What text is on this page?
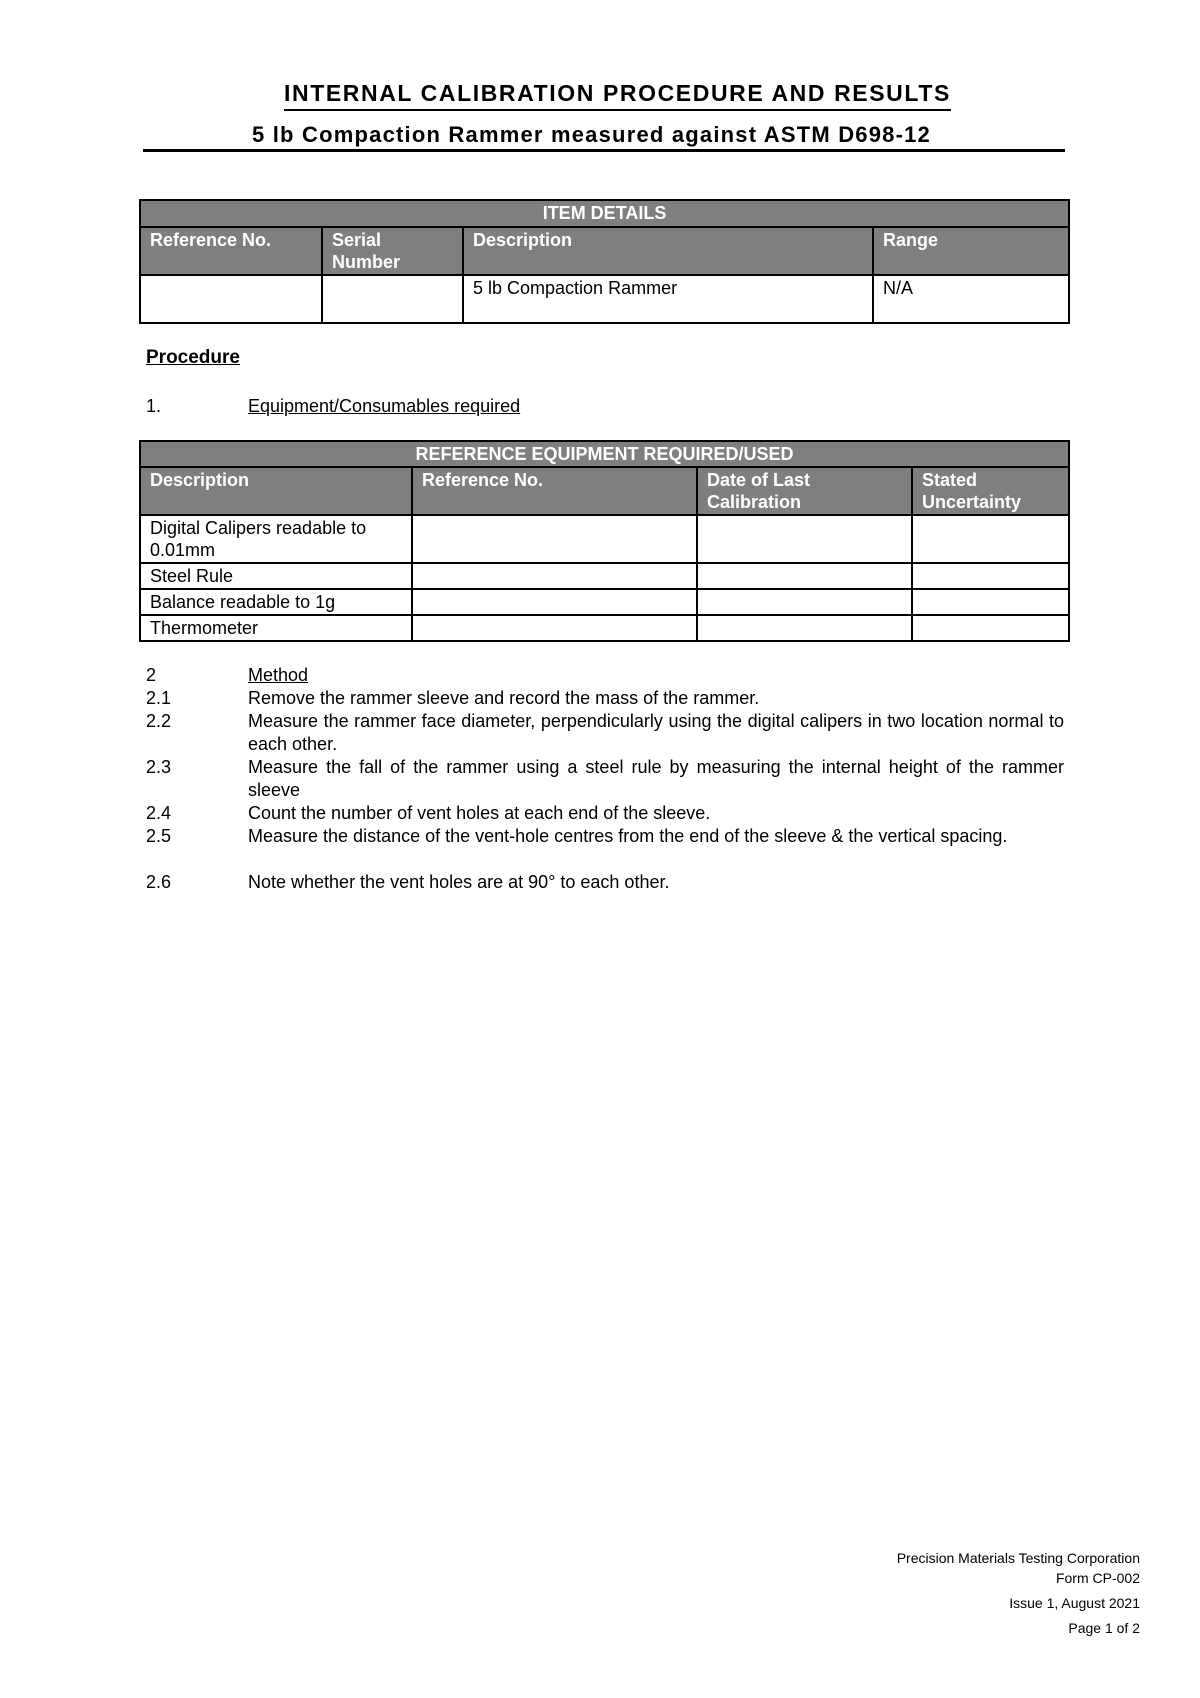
INTERNAL CALIBRATION PROCEDURE AND RESULTS
5 lb Compaction Rammer measured against ASTM D698-12
ITEM DETAILS			
Reference No.	Serial Number	Description	Range
		5 lb Compaction Rammer	N/A
Procedure
1.	Equipment/Consumables required
REFERENCE EQUIPMENT REQUIRED/USED			
Description	Reference No.	Date of Last Calibration	Stated Uncertainty
Digital Calipers readable to 0.01mm			
Steel Rule			
Balance readable to 1g			
Thermometer			
2	Method
2.1	Remove the rammer sleeve and record the mass of the rammer.
2.2	Measure the rammer face diameter, perpendicularly using the digital calipers in two location normal to each other.
2.3	Measure the fall of the rammer using a steel rule by measuring the internal height of the rammer sleeve
2.4	Count the number of vent holes at each end of the sleeve.
2.5	Measure the distance of the vent-hole centres from the end of the sleeve & the vertical spacing.
2.6	Note whether the vent holes are at 90° to each other.
Precision Materials Testing Corporation
Form CP-002
Issue 1, August 2021
Page 1 of 2
